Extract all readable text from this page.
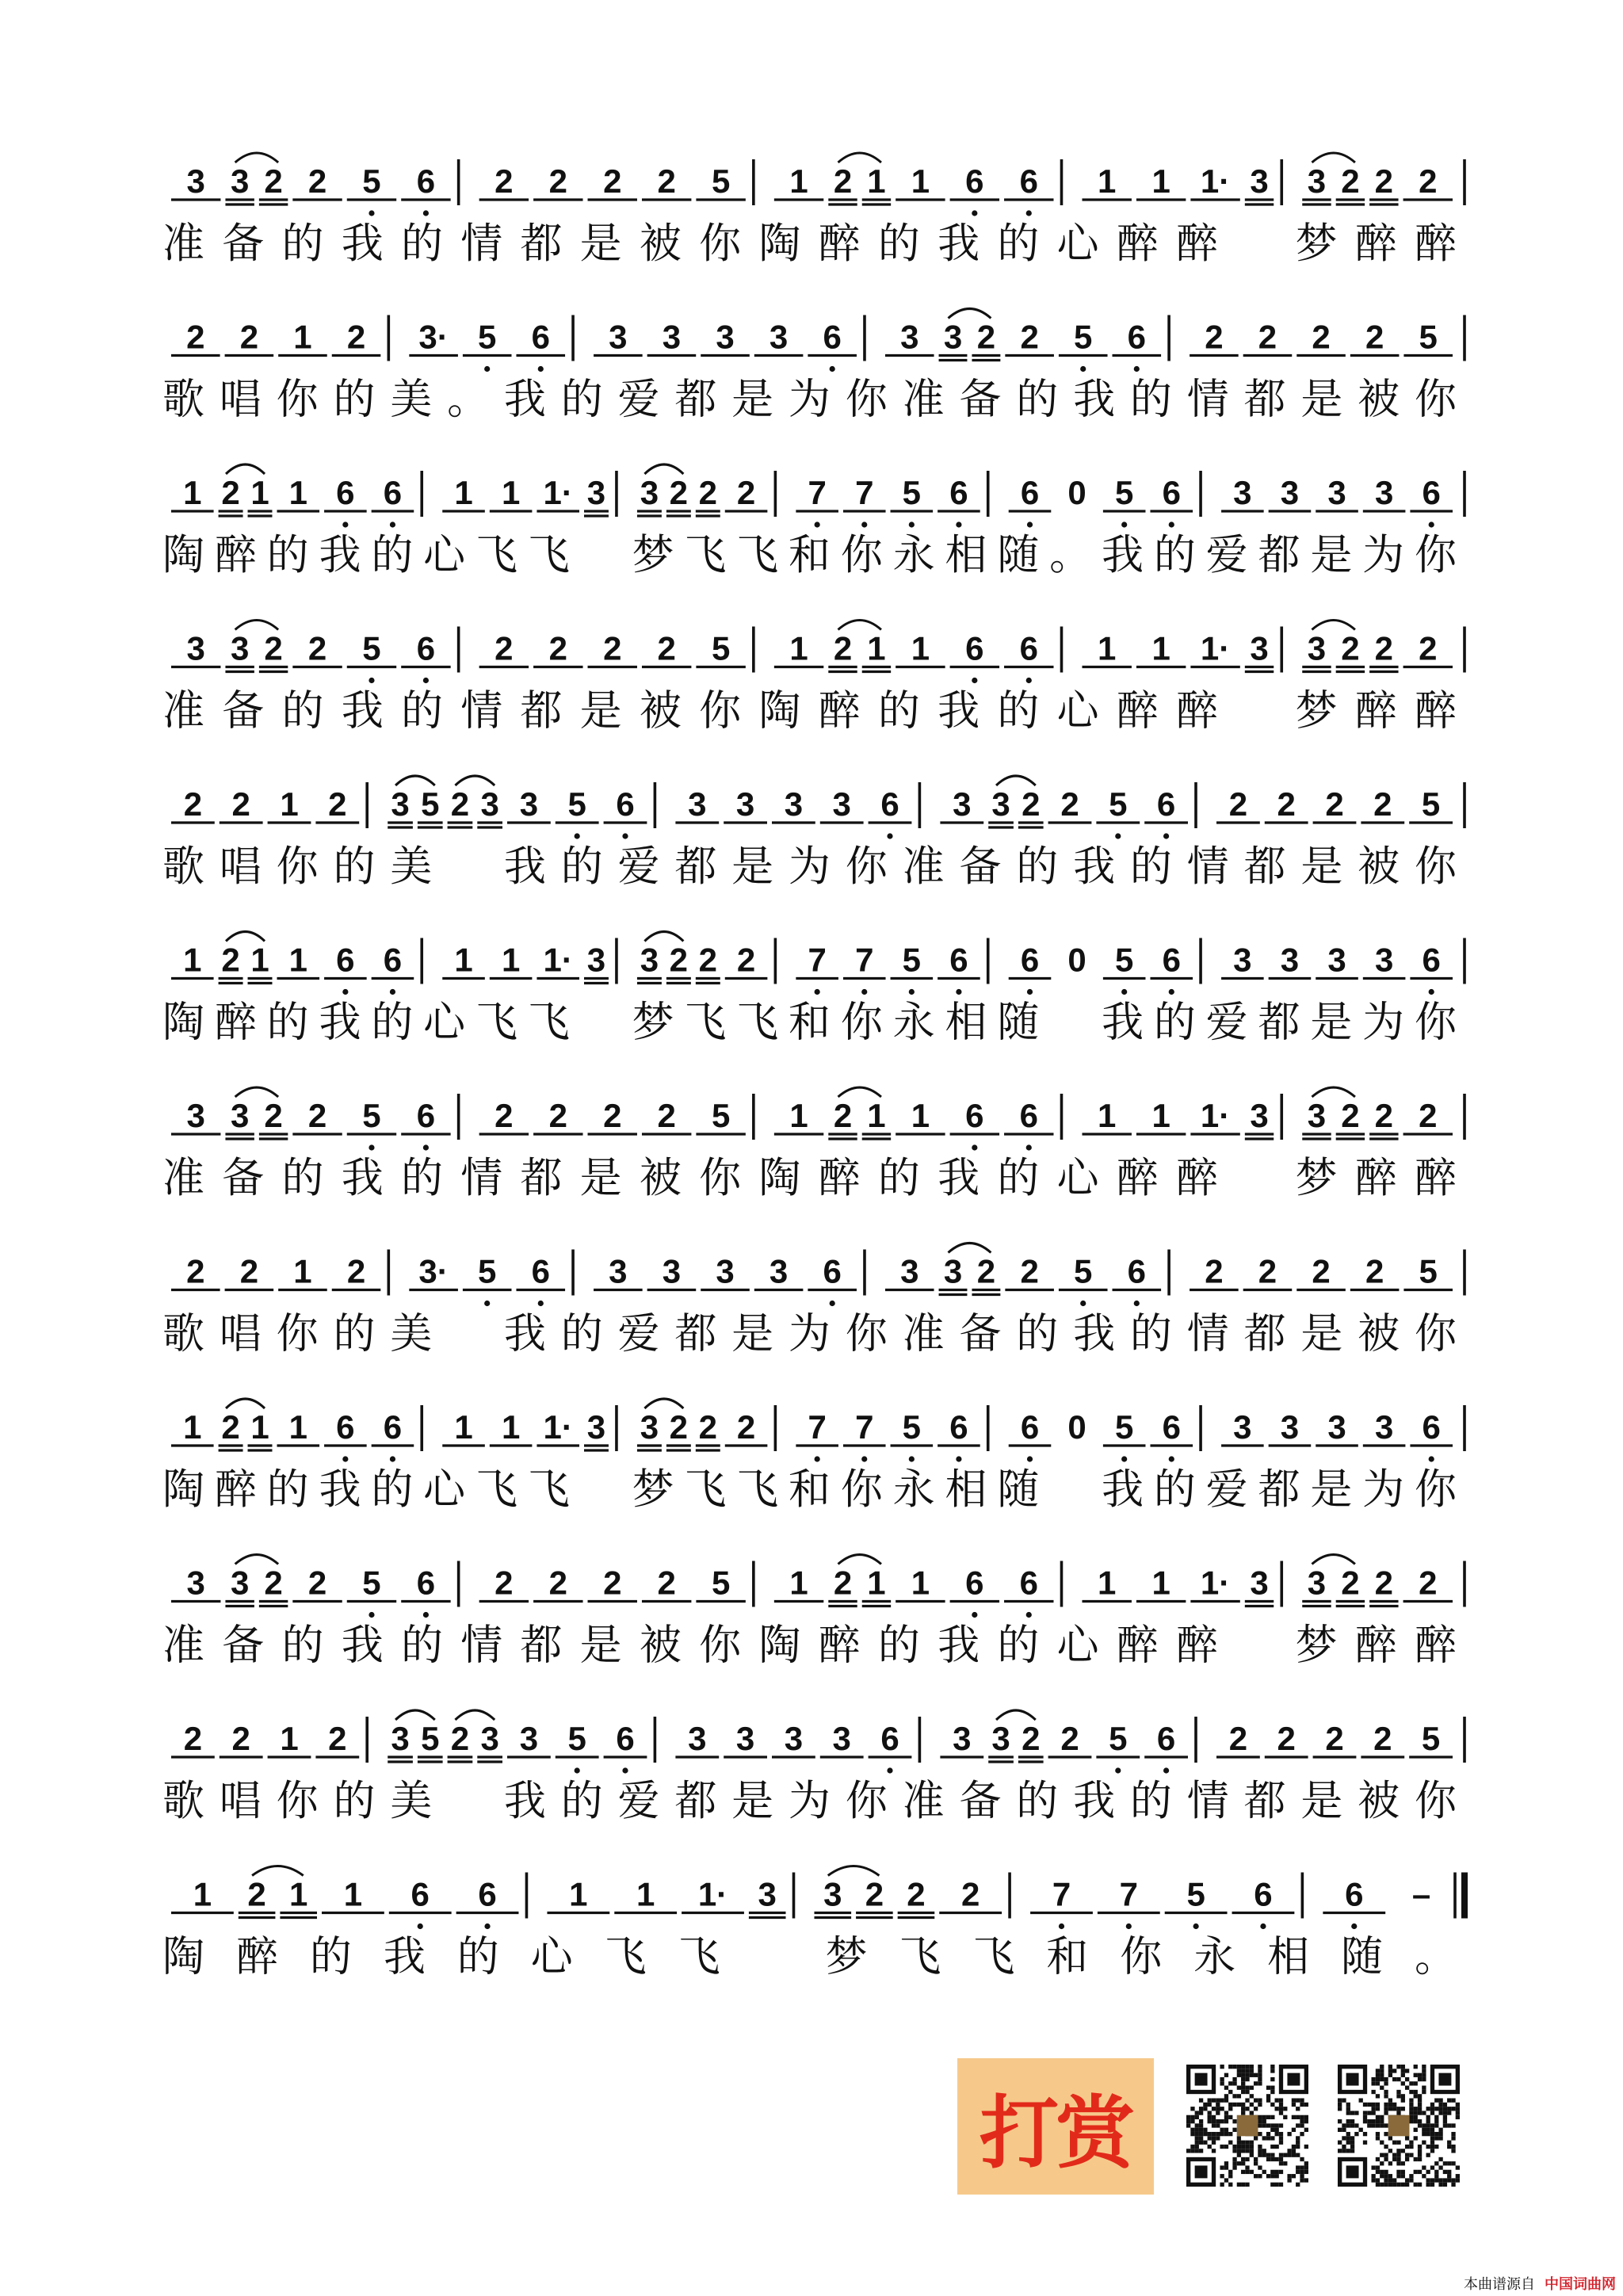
3 3 2 2 5 6 2 2 2 2 5 1 2 1 1 6 6 1 1 1· 3 3 2 2 2
准备的我的情都是被你陶醉的我的心醉醉　梦醉醉
2 2 1 2 3· 5 6 3 3 3 3 6 3 3 2 2 5 6 2 2 2 2 5
歌唱你的美。我的爱都是为你准备的我的情都是被你
1 2 1 1 6 6 1 1 1· 3 3 2 2 2 7 7 5 6 6 0 5 6 3 3 3 3 6
陶醉的我的心飞飞　梦飞飞和你永相随。我的爱都是为你
3 3 2 2 5 6 2 2 2 2 5 1 2 1 1 6 6 1 1 1· 3 3 2 2 2
准备的我的情都是被你陶醉的我的心醉醉　梦醉醉
2 2 1 2 3 5 2 3 3 5 6 3 3 3 3 6 3 3 2 2 5 6 2 2 2 2 5
歌唱你的美　我的爱都是为你准备的我的情都是被你
1 2 1 1 6 6 1 1 1· 3 3 2 2 2 7 7 5 6 6 0 5 6 3 3 3 3 6
陶醉的我的心飞飞　梦飞飞和你永相随　我的爱都是为你
3 3 2 2 5 6 2 2 2 2 5 1 2 1 1 6 6 1 1 1· 3 3 2 2 2
准备的我的情都是被你陶醉的我的心醉醉　梦醉醉
2 2 1 2 3· 5 6 3 3 3 3 6 3 3 2 2 5 6 2 2 2 2 5
歌唱你的美　我的爱都是为你准备的我的情都是被你
1 2 1 1 6 6 1 1 1· 3 3 2 2 2 7 7 5 6 6 0 5 6 3 3 3 3 6
陶醉的我的心飞飞　梦飞飞和你永相随　我的爱都是为你
3 3 2 2 5 6 2 2 2 2 5 1 2 1 1 6 6 1 1 1· 3 3 2 2 2
准备的我的情都是被你陶醉的我的心醉醉　梦醉醉
2 2 1 2 3 5 2 3 3 5 6 3 3 3 3 6 3 3 2 2 5 6 2 2 2 2 5
歌唱你的美　我的爱都是为你准备的我的情都是被你
1 2 1 1 6 6 1 1 1· 3 3 2 2 2 7 7 5 6 6 –
陶醉的我的心飞飞　梦飞飞和你永相随。
打赏
本曲谱源自 中国词曲网
